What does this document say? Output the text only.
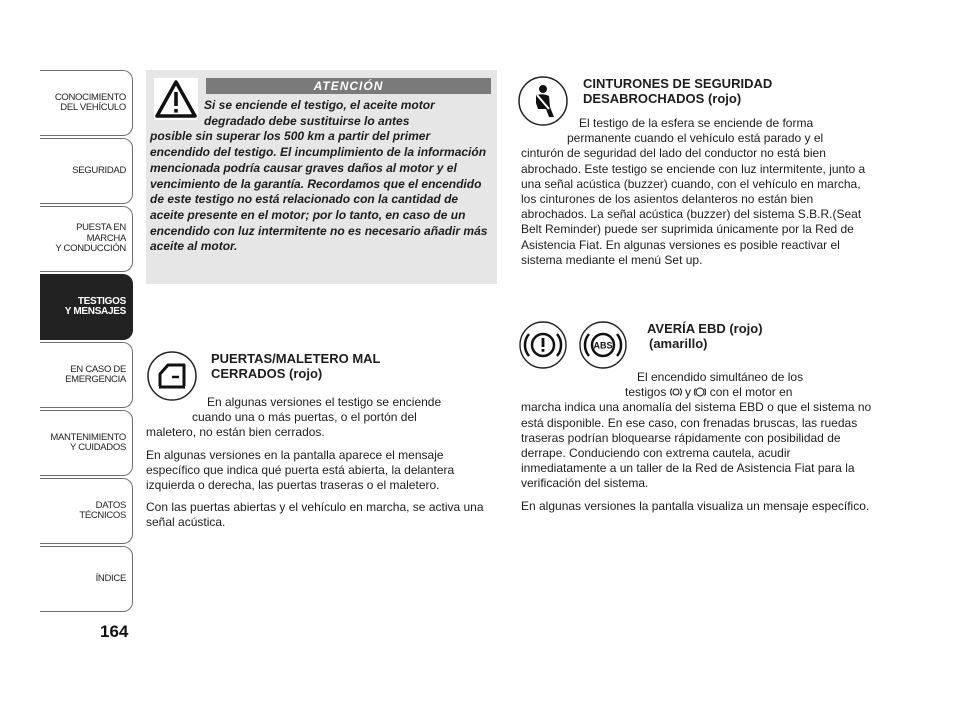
CONOCIMIENTO
DEL VEHÍCULO
SEGURIDAD
PUESTA EN
MARCHA
Y CONDUCCIÓN
TESTIGOS
Y MENSAJES
EN CASO DE
EMERGENCIA
MANTENIMIENTO
Y CUIDADOS
DATOS
TÉCNICOS
ÍNDICE
164
ATENCIÓN
Si se enciende el testigo, el aceite motor
degradado debe sustituirse lo antes
posible sin superar los 500 km a partir del primer encendido del testigo. El incumplimiento de la información mencionada podría causar graves daños al motor y el vencimiento de la garantía. Recordamos que el encendido de este testigo no está relacionado con la cantidad de aceite presente en el motor; por lo tanto, en caso de un encendido con luz intermitente no es necesario añadir más aceite al motor.
CINTURONES DE SEGURIDAD
DESABROCHADOS (rojo)
El testigo de la esfera se enciende de forma
permanente cuando el vehículo está parado y el
cinturón de seguridad del lado del conductor no está bien abrochado. Este testigo se enciende con luz intermitente, junto a una señal acústica (buzzer) cuando, con el vehículo en marcha, los cinturones de los asientos delanteros no están bien abrochados. La señal acústica (buzzer) del sistema S.B.R.(Seat Belt Reminder) puede ser suprimida únicamente por la Red de Asistencia Fiat. En algunas versiones es posible reactivar el sistema mediante el menú Set up.
ABS
AVERÍA EBD (rojo)
(amarillo)
El encendido simultáneo de los
testigos y con el motor en

marcha indica una anomalía del sistema EBD o que el sistema no está disponible. En ese caso, con frenadas bruscas, las ruedas traseras podrían bloquearse rápidamente con posibilidad de derrape. Conduciendo con extrema cautela, acudir inmediatamente a un taller de la Red de Asistencia Fiat para la verificación del sistema.

En algunas versiones la pantalla visualiza un mensaje específico.

PUERTAS/MALETERO MAL
CERRADOS (rojo)
En algunas versiones el testigo se enciende
cuando una o más puertas, o el portón del

maletero, no están bien cerrados.

En algunas versiones en la pantalla aparece el mensaje específico que indica qué puerta está abierta, la delantera izquierda o derecha, las puertas traseras o el maletero.

Con las puertas abiertas y el vehículo en marcha, se activa una señal acústica.
